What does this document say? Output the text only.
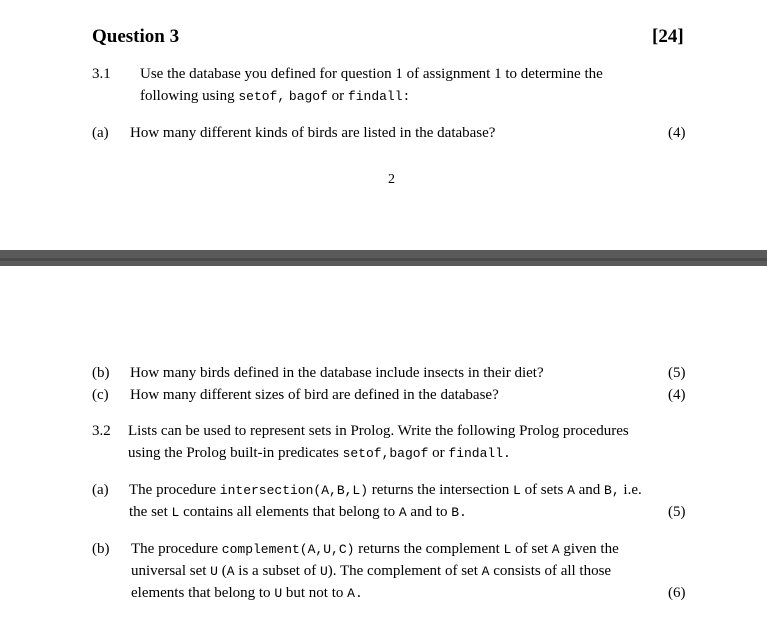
Question 3	[24]
3.1 Use the database you defined for question 1 of assignment 1 to determine the
following using setof, bagof or findall:
(a) How many different kinds of birds are listed in the database?	(4)
2
(b) How many birds defined in the database include insects in their diet?	(5)
(c) How many different sizes of bird are defined in the database?	(4)
3.2 Lists can be used to represent sets in Prolog. Write the following Prolog procedures
using the Prolog built-in predicates setof,bagof or findall.
(a) The procedure intersection(A,B,L) returns the intersection L of sets A and B, i.e.
the set L contains all elements that belong to A and to B.	(5)
(b) The procedure complement(A,U,C) returns the complement L of set A given the
universal set U (A is a subset of U). The complement of set A consists of all those
elements that belong to U but not to A.	(6)
